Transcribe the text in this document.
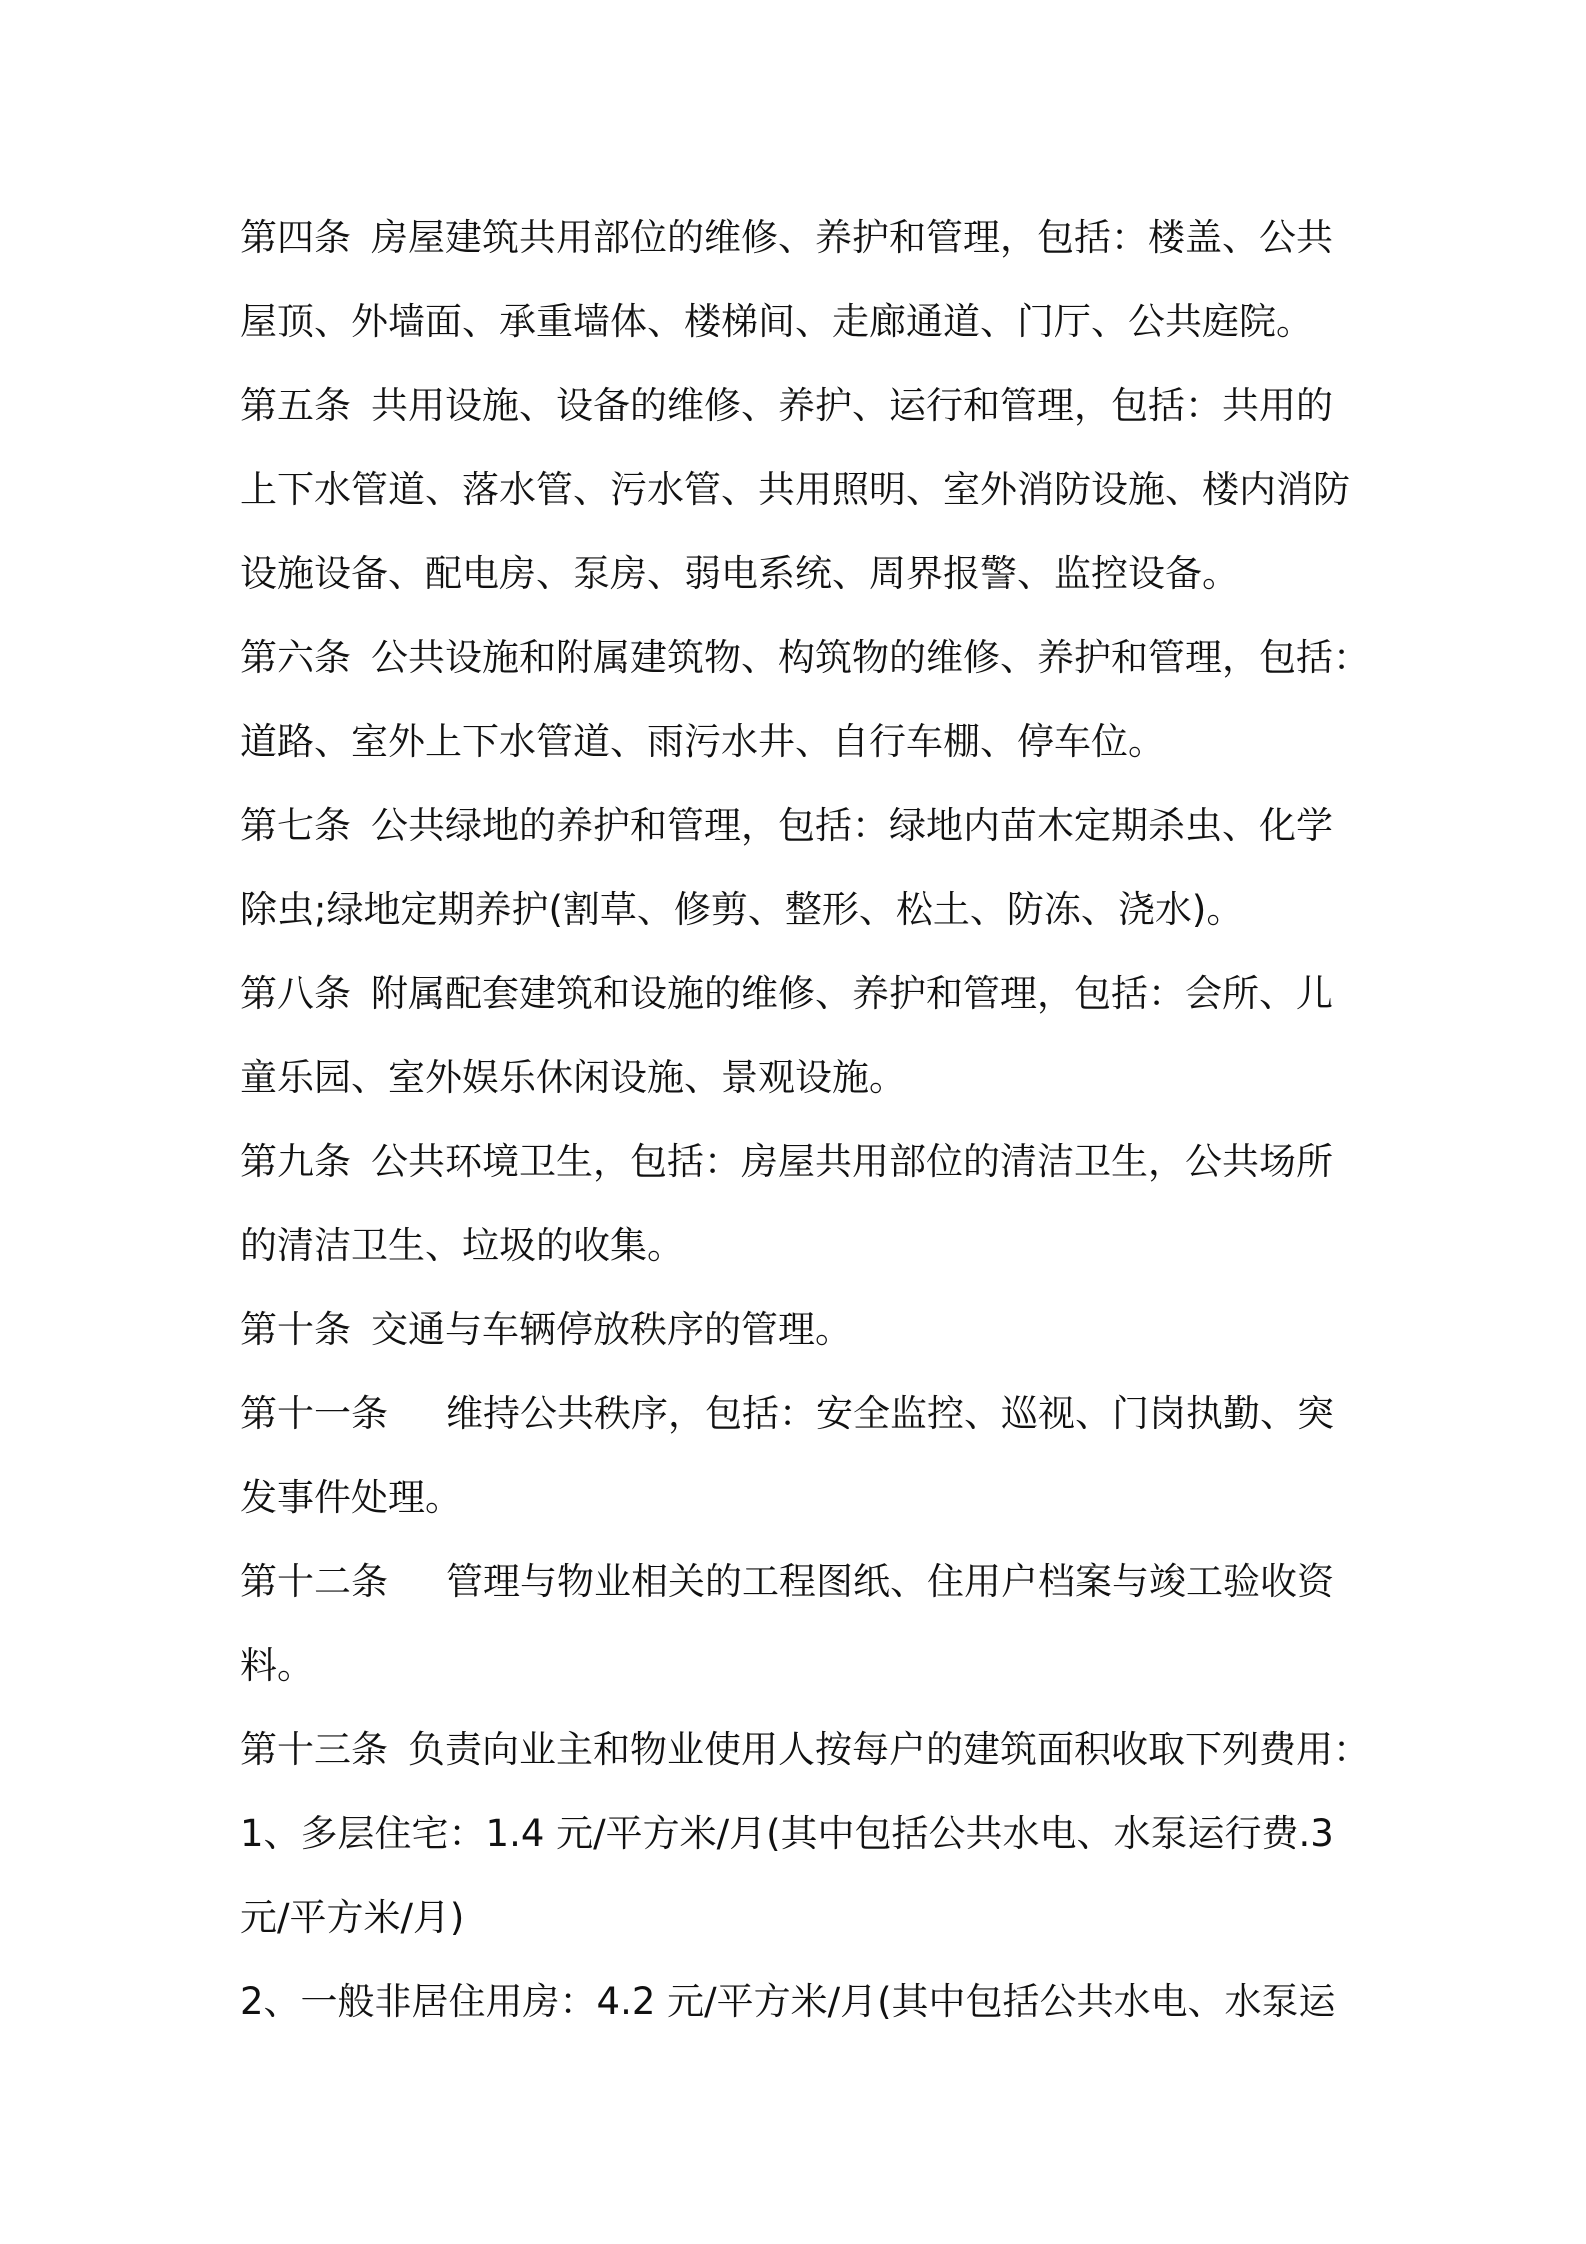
第四条 房屋建筑共用部位的维修、养护和管理，包括：楼盖、公共
屋顶、外墙面、承重墙体、楼梯间、走廊通道、门厅、公共庭院。
第五条 共用设施、设备的维修、养护、运行和管理，包括：共用的
上下水管道、落水管、污水管、共用照明、室外消防设施、楼内消防
设施设备、配电房、泵房、弱电系统、周界报警、监控设备。
第六条 公共设施和附属建筑物、构筑物的维修、养护和管理，包括：
道路、室外上下水管道、雨污水井、自行车棚、停车位。
第七条 公共绿地的养护和管理，包括：绿地内苗木定期杀虫、化学
除虫;绿地定期养护(割草、修剪、整形、松土、防冻、浇水)。
第八条 附属配套建筑和设施的维修、养护和管理，包括：会所、儿
童乐园、室外娱乐休闲设施、景观设施。
第九条 公共环境卫生，包括：房屋共用部位的清洁卫生，公共场所
的清洁卫生、垃圾的收集。
第十条 交通与车辆停放秩序的管理。
第十一条 维持公共秩序，包括：安全监控、巡视、门岗执勤、突
发事件处理。
第十二条 管理与物业相关的工程图纸、住用户档案与竣工验收资
料。
第十三条 负责向业主和物业使用人按每户的建筑面积收取下列费用：
1、多层住宅：1.4 元/平方米/月(其中包括公共水电、水泵运行费.3
元/平方米/月)
2、一般非居住用房：4.2 元/平方米/月(其中包括公共水电、水泵运
